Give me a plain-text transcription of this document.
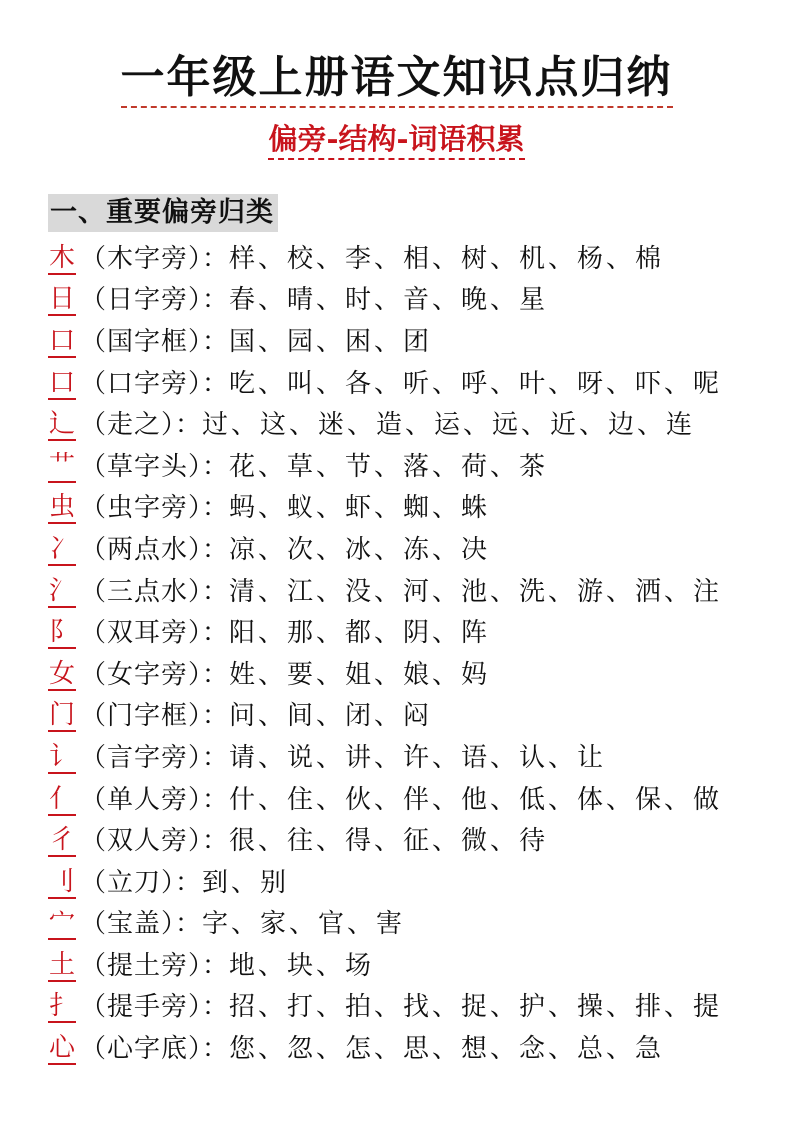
一年级上册语文知识点归纳
偏旁-结构-词语积累
一、重要偏旁归类
木 （木字旁）： 样、校、李、相、树、机、杨、棉
日 （日字旁）： 春、晴、时、音、晚、星
口 （国字框）： 国、园、困、团
口 （口字旁）： 吃、叫、各、听、呼、叶、呀、吓、呢
辶 （走之）： 过、这、迷、造、运、远、近、边、连
艹 （草字头）： 花、草、节、落、荷、茶
虫 （虫字旁）： 蚂、蚁、虾、蜘、蛛
冫 （两点水）： 凉、次、冰、冻、决
氵 （三点水）： 清、江、没、河、池、洗、游、洒、注
阝 （双耳旁）： 阳、那、都、阴、阵
女 （女字旁）： 姓、要、姐、娘、妈
门 （门字框）： 问、间、闭、闷
讠 （言字旁）： 请、说、讲、许、语、认、让
亻 （单人旁）： 什、住、伙、伴、他、低、体、保、做
彳 （双人旁）： 很、往、得、征、微、待
刂 （立刀）： 到、别
宀 （宝盖）： 字、家、官、害
土 （提土旁）： 地、块、场
扌 （提手旁）： 招、打、拍、找、捉、护、操、排、提
心 （心字底）： 您、忽、怎、思、想、念、总、急
